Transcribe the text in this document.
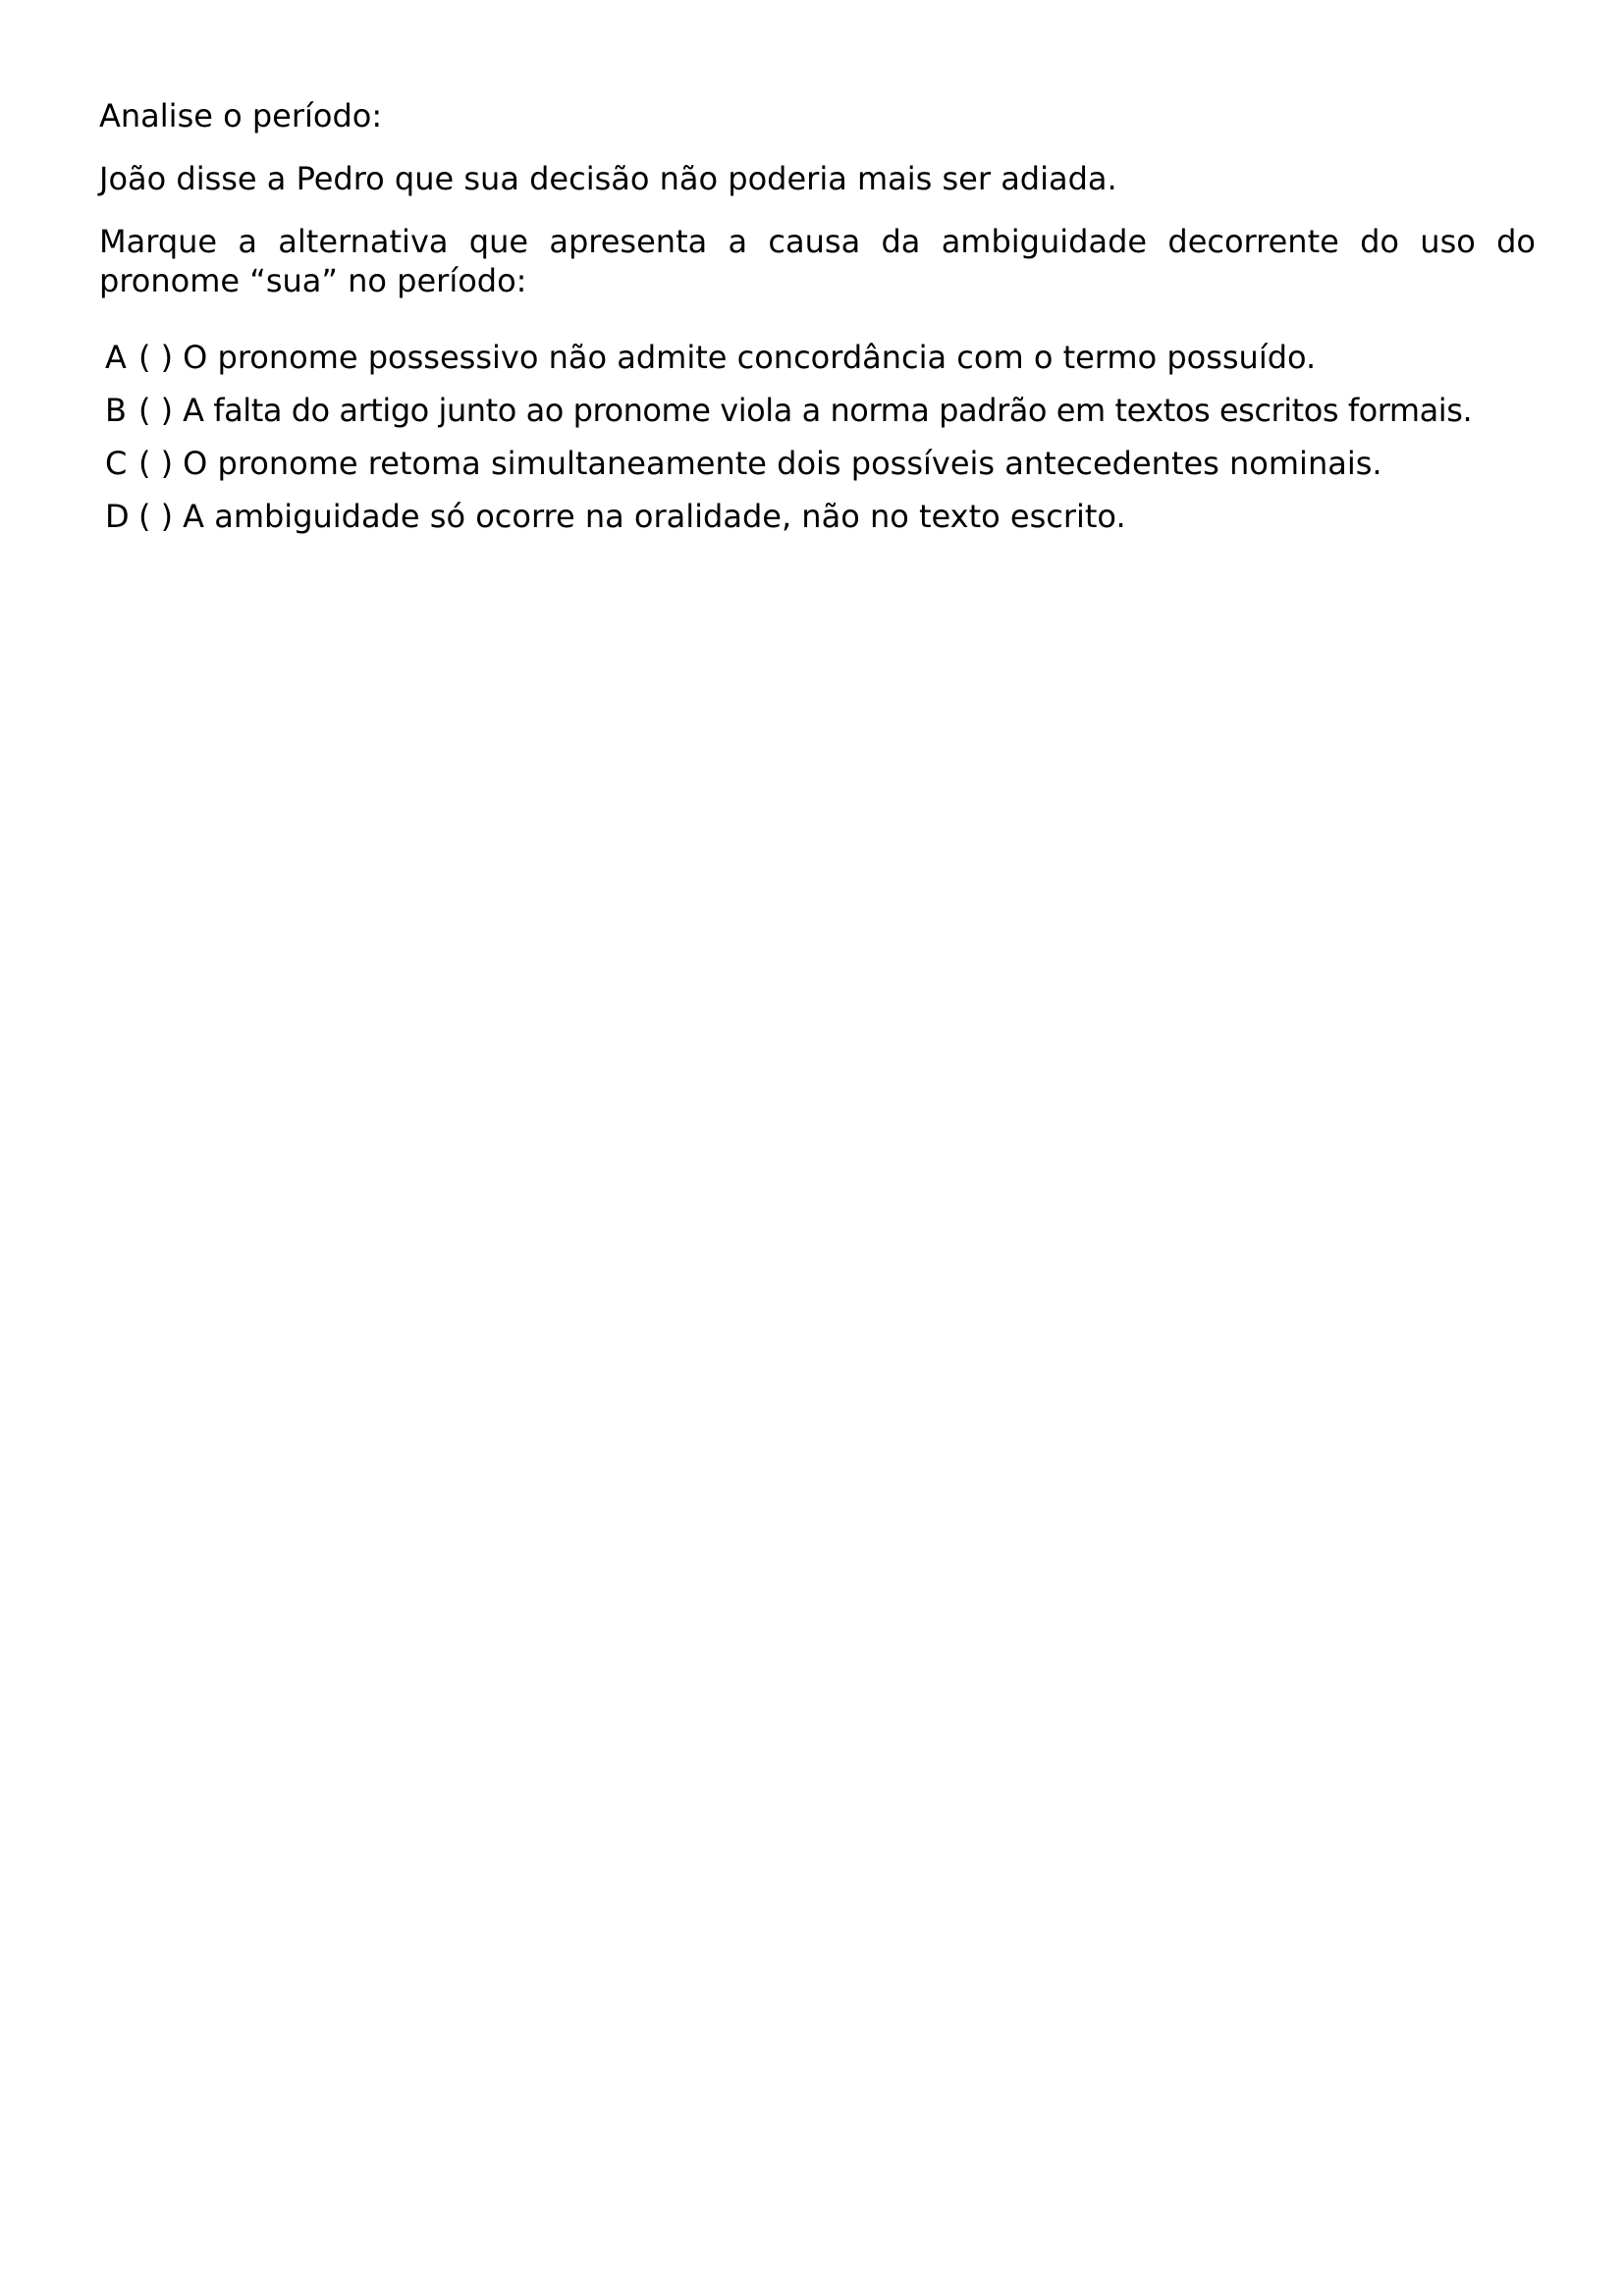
Analise o período:

João disse a Pedro que sua decisão não poderia mais ser adiada.

Marque a alternativa que apresenta a causa da ambiguidade decorrente do uso do pronome “sua” no período:

A ( ) O pronome possessivo não admite concordância com o termo possuído.
B ( ) A falta do artigo junto ao pronome viola a norma padrão em textos escritos formais.
C ( ) O pronome retoma simultaneamente dois possíveis antecedentes nominais.
D ( ) A ambiguidade só ocorre na oralidade, não no texto escrito.
